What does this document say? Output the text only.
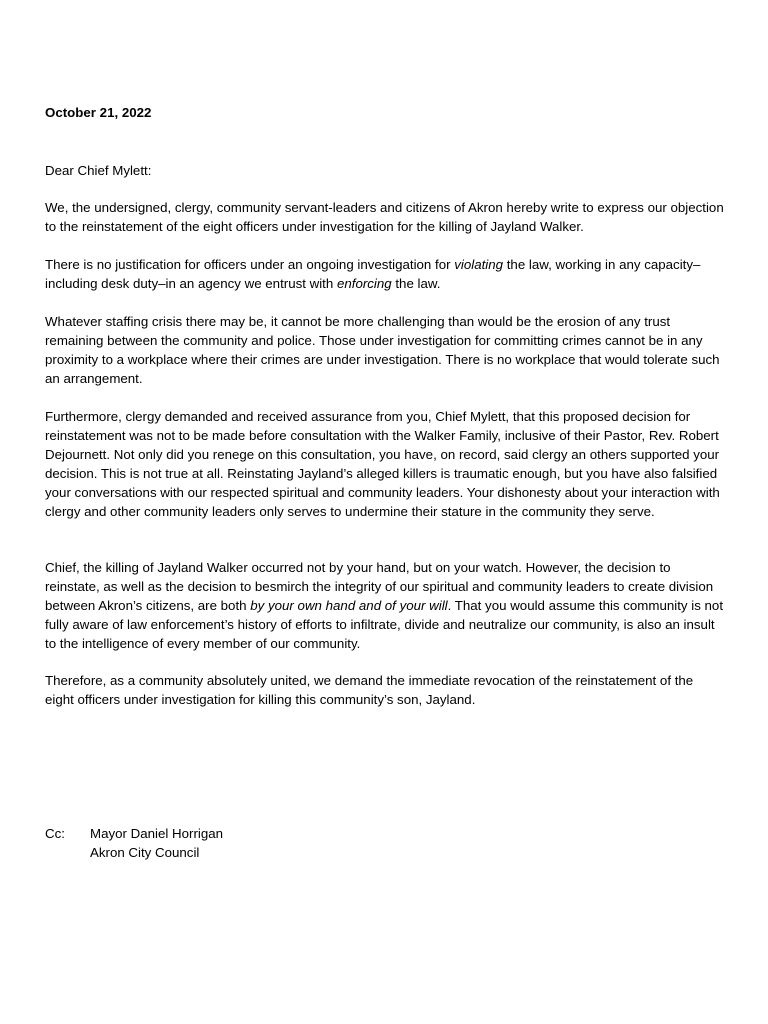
October 21, 2022
Dear Chief Mylett:

We, the undersigned, clergy, community servant-leaders and citizens of Akron hereby write to express our objection to the reinstatement of the eight officers under investigation for the killing of Jayland Walker.

There is no justification for officers under an ongoing investigation for violating the law, working in any capacity–including desk duty–in an agency we entrust with enforcing the law.

Whatever staffing crisis there may be, it cannot be more challenging than would be the erosion of any trust remaining between the community and police. Those under investigation for committing crimes cannot be in any proximity to a workplace where their crimes are under investigation. There is no workplace that would tolerate such an arrangement.

Furthermore, clergy demanded and received assurance from you, Chief Mylett, that this proposed decision for reinstatement was not to be made before consultation with the Walker Family, inclusive of their Pastor, Rev. Robert Dejournett. Not only did you renege on this consultation, you have, on record, said clergy an others supported your decision. This is not true at all. Reinstating Jayland’s alleged killers is traumatic enough, but you have also falsified your conversations with our respected spiritual and community leaders. Your dishonesty about your interaction with clergy and other community leaders only serves to undermine their stature in the community they serve.

Chief, the killing of Jayland Walker occurred not by your hand, but on your watch. However, the decision to reinstate, as well as the decision to besmirch the integrity of our spiritual and community leaders to create division between Akron’s citizens, are both by your own hand and of your will. That you would assume this community is not fully aware of law enforcement’s history of efforts to infiltrate, divide and neutralize our community, is also an insult to the intelligence of every member of our community.

Therefore, as a community absolutely united, we demand the immediate revocation of the reinstatement of the eight officers under investigation for killing this community’s son, Jayland.

Cc:	Mayor Daniel Horrigan
Akron City Council
